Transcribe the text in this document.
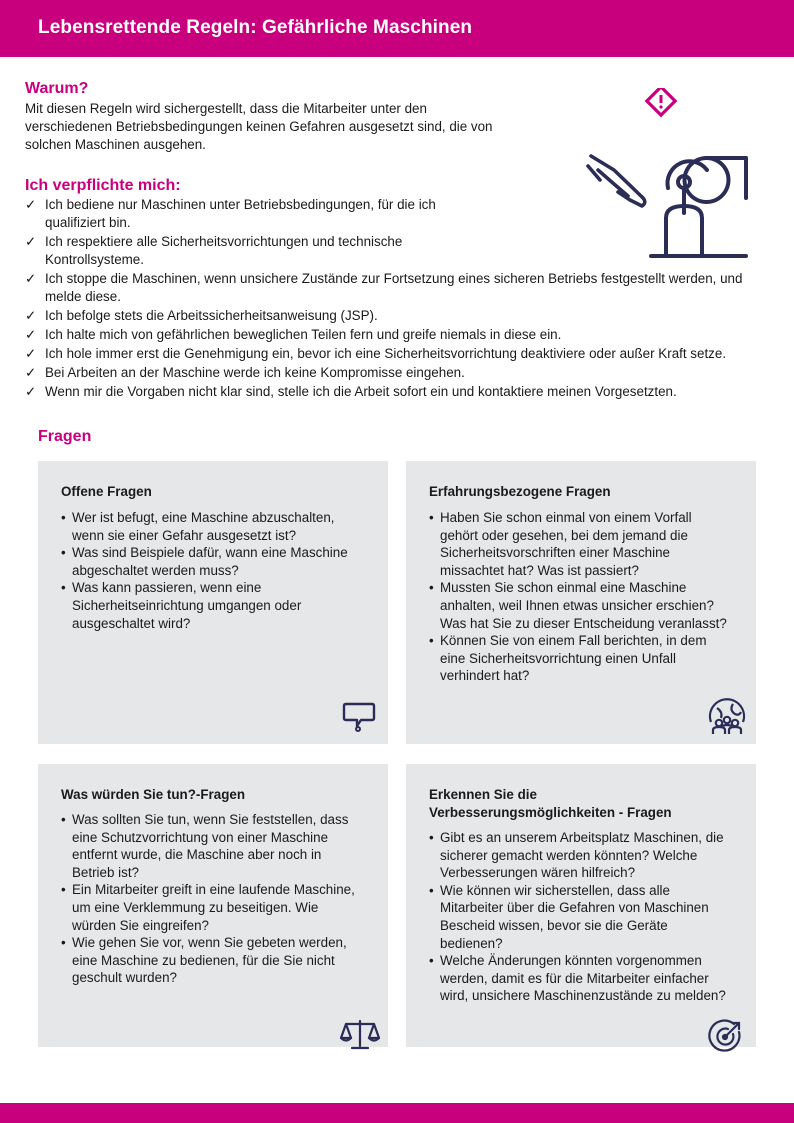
Lebensrettende Regeln: Gefährliche Maschinen
Warum?
Mit diesen Regeln wird sichergestellt, dass die Mitarbeiter unter den
verschiedenen Betriebsbedingungen keinen Gefahren ausgesetzt sind, die von
solchen Maschinen ausgehen.
Ich verpflichte mich:
✓ Ich bediene nur Maschinen unter Betriebsbedingungen, für die ich qualifiziert bin.
✓ Ich respektiere alle Sicherheitsvorrichtungen und technische Kontrollsysteme.
✓ Ich stoppe die Maschinen, wenn unsichere Zustände zur Fortsetzung eines sicheren Betriebs festgestellt werden, und melde diese.
✓ Ich befolge stets die Arbeitssicherheitsanweisung (JSP).
✓ Ich halte mich von gefährlichen beweglichen Teilen fern und greife niemals in diese ein.
✓ Ich hole immer erst die Genehmigung ein, bevor ich eine Sicherheitsvorrichtung deaktiviere oder außer Kraft setze.
✓ Bei Arbeiten an der Maschine werde ich keine Kompromisse eingehen.
✓ Wenn mir die Vorgaben nicht klar sind, stelle ich die Arbeit sofort ein und kontaktiere meinen Vorgesetzten.
Fragen
Offene Fragen
• Wer ist befugt, eine Maschine abzuschalten, wenn sie einer Gefahr ausgesetzt ist?
• Was sind Beispiele dafür, wann eine Maschine abgeschaltet werden muss?
• Was kann passieren, wenn eine Sicherheitseinrichtung umgangen oder ausgeschaltet wird?
Erfahrungsbezogene Fragen
• Haben Sie schon einmal von einem Vorfall gehört oder gesehen, bei dem jemand die Sicherheitsvorschriften einer Maschine missachtet hat? Was ist passiert?
• Mussten Sie schon einmal eine Maschine anhalten, weil Ihnen etwas unsicher erschien? Was hat Sie zu dieser Entscheidung veranlasst?
• Können Sie von einem Fall berichten, in dem eine Sicherheitsvorrichtung einen Unfall verhindert hat?
Was würden Sie tun?-Fragen
• Was sollten Sie tun, wenn Sie feststellen, dass eine Schutzvorrichtung von einer Maschine entfernt wurde, die Maschine aber noch in Betrieb ist?
• Ein Mitarbeiter greift in eine laufende Maschine, um eine Verklemmung zu beseitigen. Wie würden Sie eingreifen?
• Wie gehen Sie vor, wenn Sie gebeten werden, eine Maschine zu bedienen, für die Sie nicht geschult wurden?
Erkennen Sie die Verbesserungsmöglichkeiten - Fragen
• Gibt es an unserem Arbeitsplatz Maschinen, die sicherer gemacht werden könnten? Welche Verbesserungen wären hilfreich?
• Wie können wir sicherstellen, dass alle Mitarbeiter über die Gefahren von Maschinen Bescheid wissen, bevor sie die Geräte bedienen?
• Welche Änderungen könnten vorgenommen werden, damit es für die Mitarbeiter einfacher wird, unsichere Maschinenzustände zu melden?
